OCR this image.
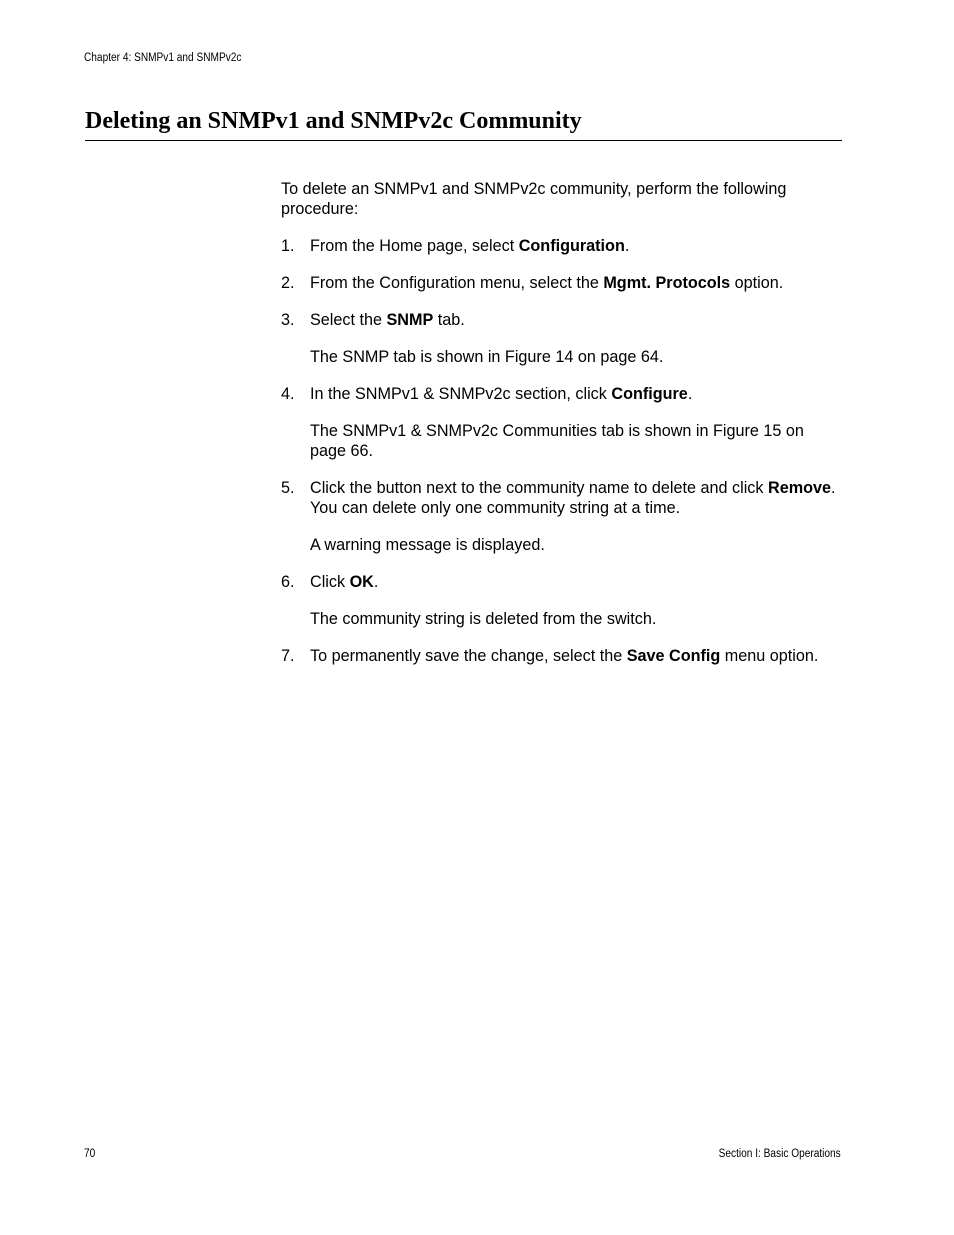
Chapter 4: SNMPv1 and SNMPv2c
Deleting an SNMPv1 and SNMPv2c Community

To delete an SNMPv1 and SNMPv2c community, perform the following procedure:

1. From the Home page, select Configuration.

2. From the Configuration menu, select the Mgmt. Protocols option.

3. Select the SNMP tab.

The SNMP tab is shown in Figure 14 on page 64.

4. In the SNMPv1 & SNMPv2c section, click Configure.

The SNMPv1 & SNMPv2c Communities tab is shown in Figure 15 on page 66.

5. Click the button next to the community name to delete and click Remove. You can delete only one community string at a time.

A warning message is displayed.

6. Click OK.

The community string is deleted from the switch.

7. To permanently save the change, select the Save Config menu option.

70	Section I: Basic Operations
